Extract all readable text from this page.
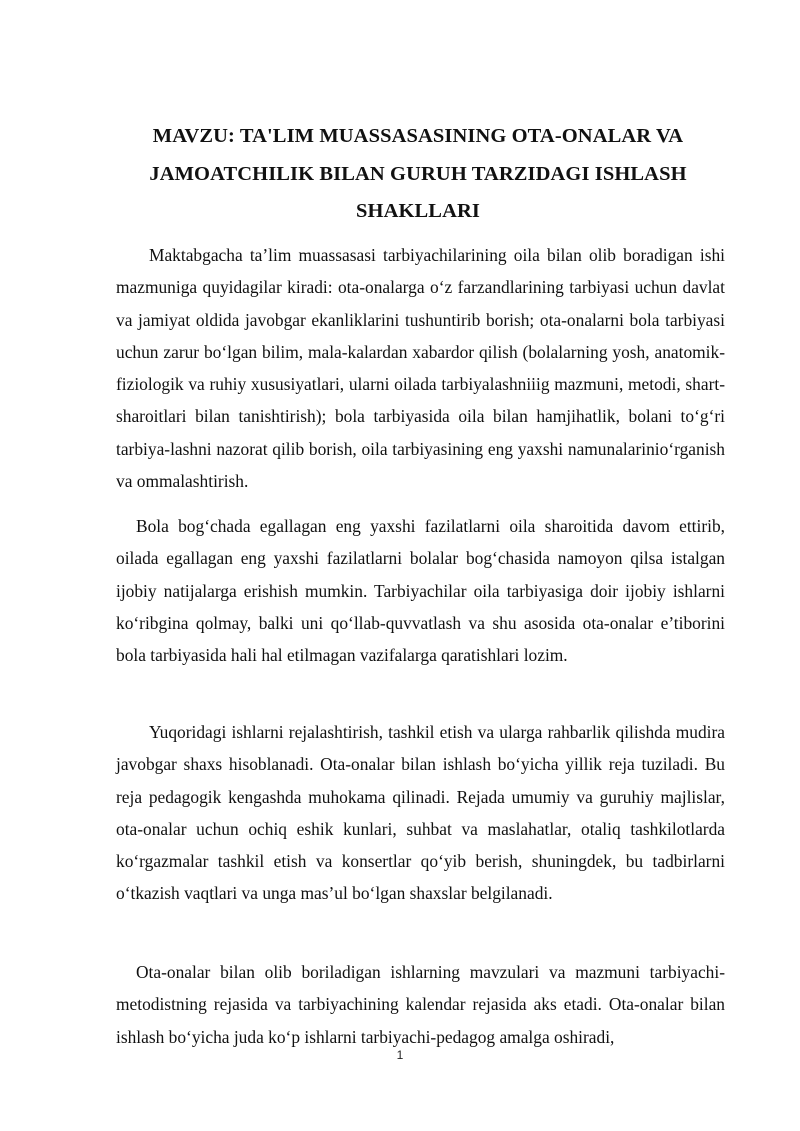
MAVZU: TA'LIM MUASSASASINING OTA-ONALAR VA JAMOATCHILIK BILAN GURUH TARZIDAGI ISHLASH SHAKLLARI

Maktabgacha ta’lim muassasasi tarbiyachilarining oila bilan olib boradigan ishi mazmuniga quyidagilar kiradi: ota-onalarga o‘z farzandlarining tarbiyasi uchun davlat va jamiyat oldida javobgar ekanliklarini tushuntirib borish; ota-onalarni bola tarbiyasi uchun zarur bo‘lgan bilim, mala-kalardan xabardor qilish (bolalarning yosh, anatomik-fiziologik va ruhiy xususiyatlari, ularni oilada tarbiyalashniiig mazmuni, metodi, shart-sharoitlari bilan tanishtirish); bola tarbiyasida oila bilan hamjihatlik, bolani to‘g‘ri tarbiya-lashni nazorat qilib borish, oila tarbiyasining eng yaxshi namunalarinio‘rganish va ommalashtirish.

Bola bog‘chada egallagan eng yaxshi fazilatlarni oila sharoitida davom ettirib, oilada egallagan eng yaxshi fazilatlarni bolalar bog‘chasida namoyon qilsa istalgan ijobiy natijalarga erishish mumkin. Tarbiyachilar oila tarbiyasiga doir ijobiy ishlarni ko‘ribgina qolmay, balki uni qo‘llab-quvvatlash va shu asosida ota-onalar e’tiborini bola tarbiyasida hali hal etilmagan vazifalarga qaratishlari lozim.

Yuqoridagi ishlarni rejalashtirish, tashkil etish va ularga rahbarlik qilishda mudira javobgar shaxs hisoblanadi. Ota-onalar bilan ishlash bo‘yicha yillik reja tuziladi. Bu reja pedagogik kengashda muhokama qilinadi. Rejada umumiy va guruhiy majlislar, ota-onalar uchun ochiq eshik kunlari, suhbat va maslahatlar, otaliq tashkilotlarda ko‘rgazmalar tashkil etish va konsertlar qo‘yib berish, shuningdek, bu tadbirlarni o‘tkazish vaqtlari va unga mas’ul bo‘lgan shaxslar belgilanadi.

Ota-onalar bilan olib boriladigan ishlarning mavzulari va mazmuni tarbiyachi-metodistning rejasida va tarbiyachining kalendar rejasida aks etadi. Ota-onalar bilan ishlash bo‘yicha juda ko‘p ishlarni tarbiyachi-pedagog amalga oshiradi,

1
